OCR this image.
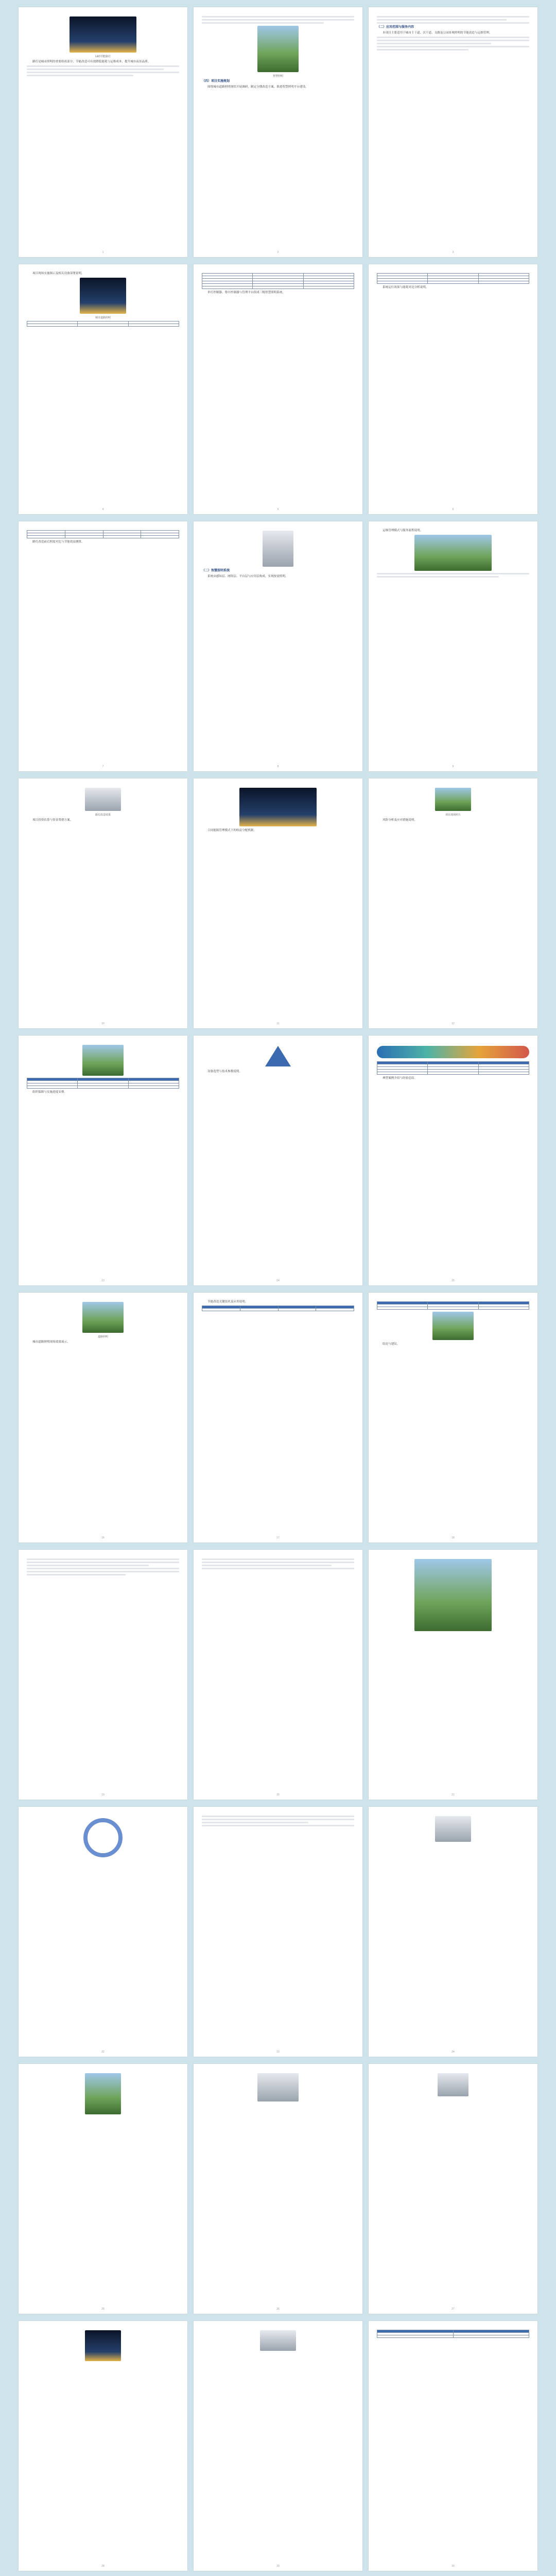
LED节能路灯

路灯是城市照明的重要组成部分，节能改造可有效降低能耗与运维成本，提升城市夜景品质。

1
智慧照明
（四）项目实施规划

围绕城市道路照明现状开展调研，制定分期改造方案，推进智慧照明平台建设。

2
（二）应用范围与服务内容

本项目主要适用于城市主干道、次干道、支路及公园景观照明的节能改造与运维管理。

3

项目现场实施图示及相关设备部署说明。

城市道路照明

4

单灯控制器、集中控制器与管理平台组成三级智慧照明系统。

5

系统运行效果与能耗对比分析说明。

6

路灯改造前后照度对比与节能效益测算。

7
（二）智慧照明系统

系统由感知层、网络层、平台层与应用层构成，实现按需照明。

8

运维管理模式与服务流程说明。

9
路灯改造效果

项目投资估算与资金筹措方案。

10

合同能源管理模式下的收益分配机制。

11
项目现场照片

风险分析及应对措施说明。

12

组织保障与实施进度安排。

13

设备选型与技术参数说明。

14

典型案例介绍与经验总结。

15
道路照明

城市道路照明现场效果展示。

16

节能改造关键技术及应用说明。

17

结论与建议。

18
19	20	21
22	23	24
25	26	27
28	29

		30
